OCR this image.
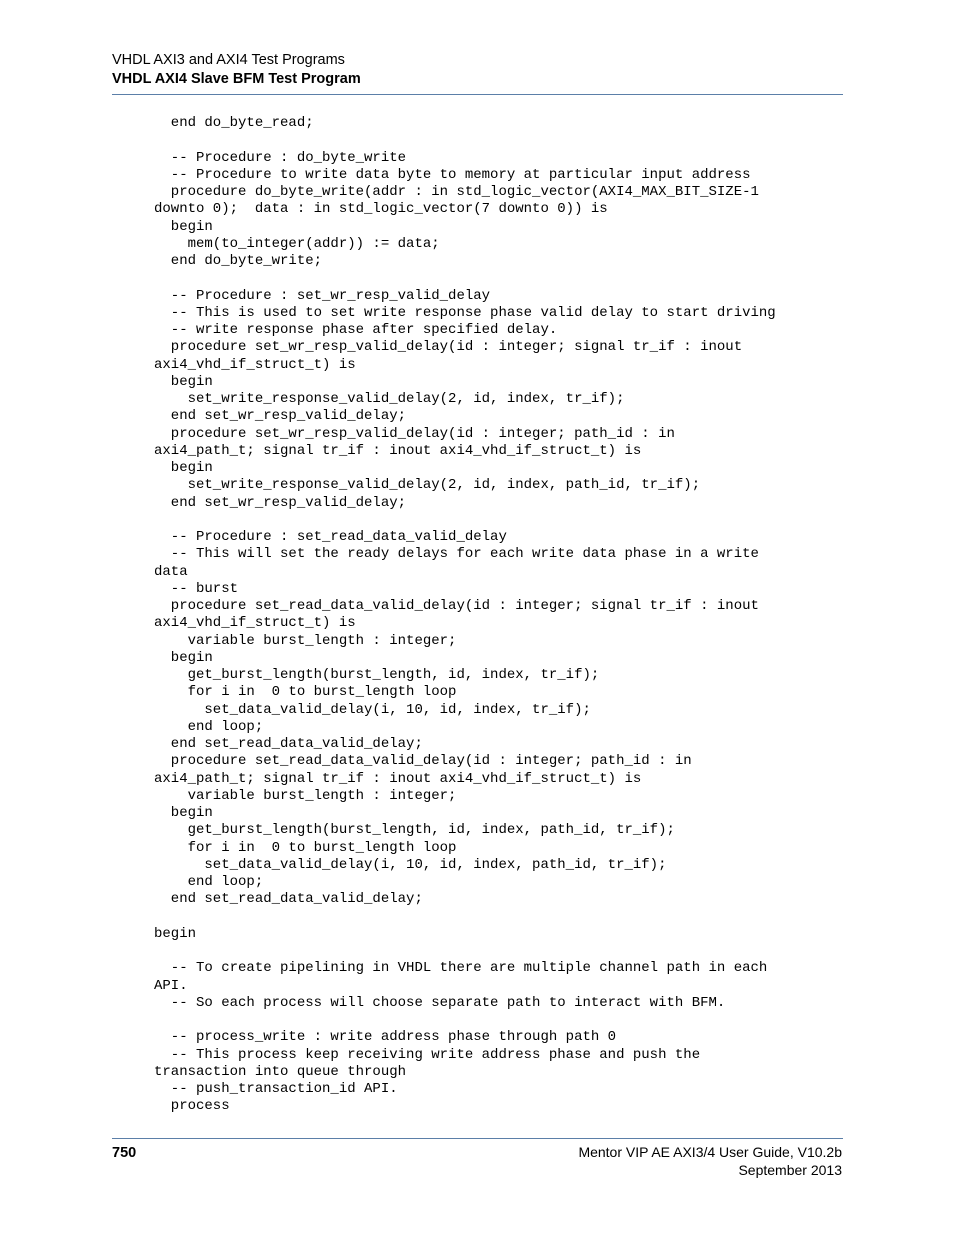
VHDL AXI3 and AXI4 Test Programs
VHDL AXI4 Slave BFM Test Program
end do_byte_read;

-- Procedure : do_byte_write
-- Procedure to write data byte to memory at particular input address
procedure do_byte_write(addr : in std_logic_vector(AXI4_MAX_BIT_SIZE-1
downto 0);  data : in std_logic_vector(7 downto 0)) is
begin
mem(to_integer(addr)) := data;
end do_byte_write;

-- Procedure : set_wr_resp_valid_delay
-- This is used to set write response phase valid delay to start driving
-- write response phase after specified delay.
procedure set_wr_resp_valid_delay(id : integer; signal tr_if : inout
axi4_vhd_if_struct_t) is
begin
set_write_response_valid_delay(2, id, index, tr_if);
end set_wr_resp_valid_delay;
procedure set_wr_resp_valid_delay(id : integer; path_id : in
axi4_path_t; signal tr_if : inout axi4_vhd_if_struct_t) is
begin
set_write_response_valid_delay(2, id, index, path_id, tr_if);
end set_wr_resp_valid_delay;

-- Procedure : set_read_data_valid_delay
-- This will set the ready delays for each write data phase in a write
data
-- burst
procedure set_read_data_valid_delay(id : integer; signal tr_if : inout
axi4_vhd_if_struct_t) is
variable burst_length : integer;
begin
get_burst_length(burst_length, id, index, tr_if);
for i in  0 to burst_length loop
set_data_valid_delay(i, 10, id, index, tr_if);
end loop;
end set_read_data_valid_delay;
procedure set_read_data_valid_delay(id : integer; path_id : in
axi4_path_t; signal tr_if : inout axi4_vhd_if_struct_t) is
variable burst_length : integer;
begin
get_burst_length(burst_length, id, index, path_id, tr_if);
for i in  0 to burst_length loop
set_data_valid_delay(i, 10, id, index, path_id, tr_if);
end loop;
end set_read_data_valid_delay;

begin

-- To create pipelining in VHDL there are multiple channel path in each
API.
-- So each process will choose separate path to interact with BFM.

-- process_write : write address phase through path 0
-- This process keep receiving write address phase and push the
transaction into queue through
-- push_transaction_id API.
process
750	Mentor VIP AE AXI3/4 User Guide, V10.2b
September 2013
